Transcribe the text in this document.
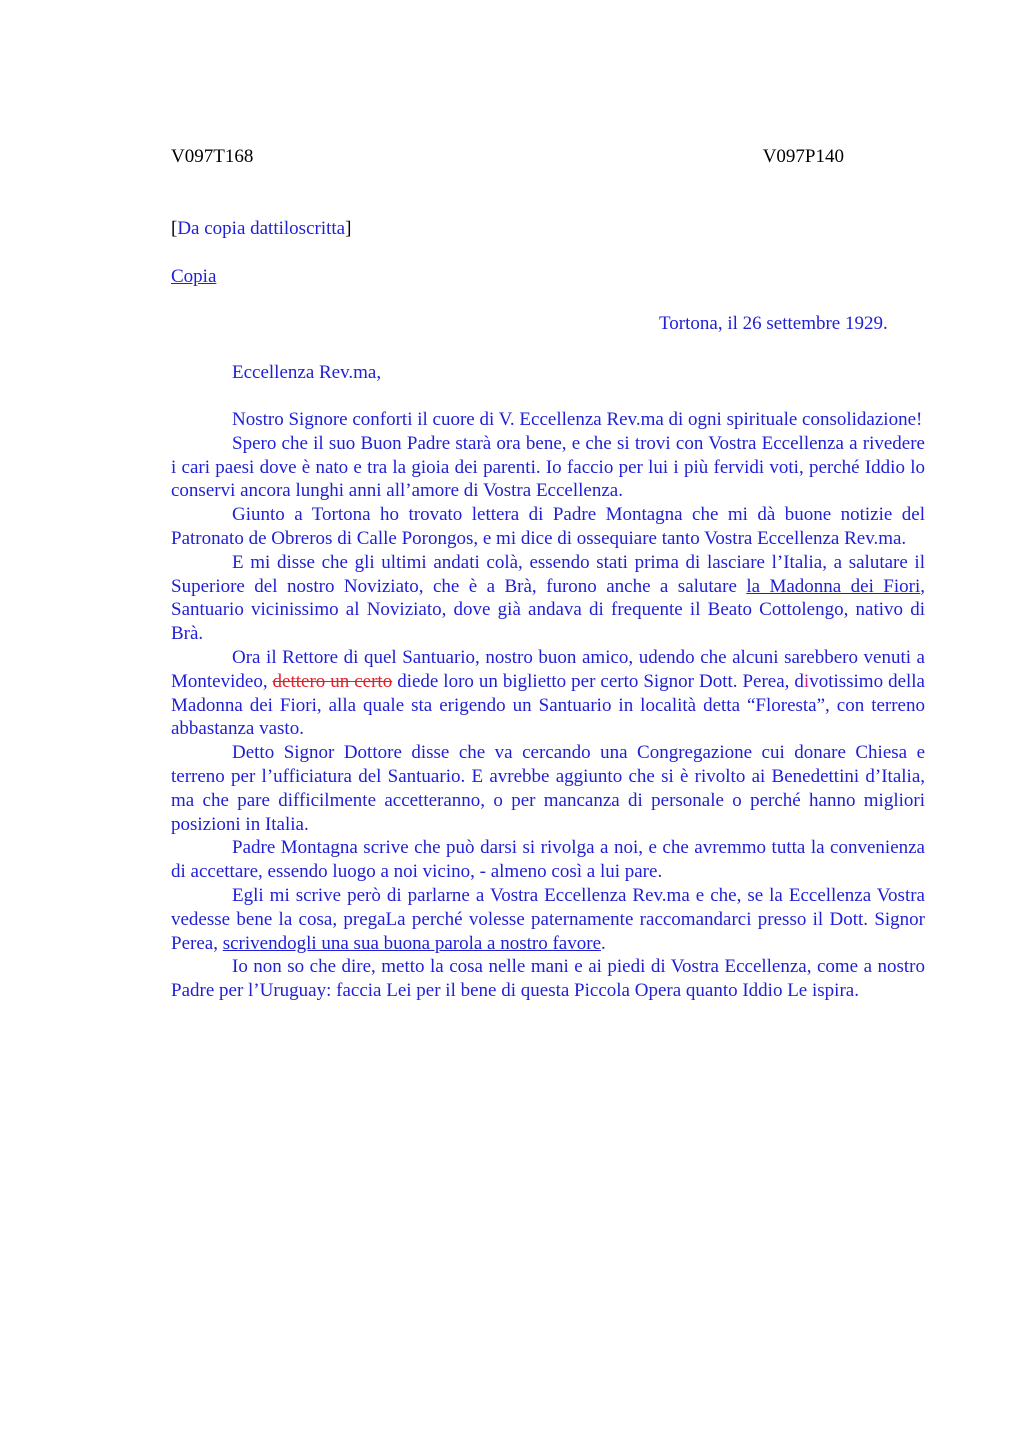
V097T168	V097P140
[Da copia dattiloscritta]
Copia
Tortona, il 26 settembre 1929.
Eccellenza Rev.ma,

Nostro Signore conforti il cuore di V. Eccellenza Rev.ma di ogni spirituale consolidazione!

Spero che il suo Buon Padre starà ora bene, e che si trovi con Vostra Eccellenza a rivedere i cari paesi dove è nato e tra la gioia dei parenti. Io faccio per lui i più fervidi voti, perché Iddio lo conservi ancora lunghi anni all’amore di Vostra Eccellenza.

Giunto a Tortona ho trovato lettera di Padre Montagna che mi dà buone notizie del Patronato de Obreros di Calle Porongos, e mi dice di ossequiare tanto Vostra Eccellenza Rev.ma.

E mi disse che gli ultimi andati colà, essendo stati prima di lasciare l’Italia, a salutare il Superiore del nostro Noviziato, che è a Brà, furono anche a salutare la Madonna dei Fiori, Santuario vicinissimo al Noviziato, dove già andava di frequente il Beato Cottolengo, nativo di Brà.

Ora il Rettore di quel Santuario, nostro buon amico, udendo che alcuni sarebbero venuti a Montevideo, dettero un certo diede loro un biglietto per certo Signor Dott. Perea, divotissimo della Madonna dei Fiori, alla quale sta erigendo un Santuario in località detta “Floresta”, con terreno abbastanza vasto.

Detto Signor Dottore disse che va cercando una Congregazione cui donare Chiesa e terreno per l’ufficiatura del Santuario. E avrebbe aggiunto che si è rivolto ai Benedettini d’Italia, ma che pare difficilmente accetteranno, o per mancanza di personale o perché hanno migliori posizioni in Italia.

Padre Montagna scrive che può darsi si rivolga a noi, e che avremmo tutta la convenienza di accettare, essendo luogo a noi vicino, - almeno così a lui pare.

Egli mi scrive però di parlarne a Vostra Eccellenza Rev.ma e che, se la Eccellenza Vostra vedesse bene la cosa, pregaLa perché volesse paternamente raccomandarci presso il Dott. Signor Perea, scrivendogli una sua buona parola a nostro favore.

Io non so che dire, metto la cosa nelle mani e ai piedi di Vostra Eccellenza, come a nostro Padre per l’Uruguay: faccia Lei per il bene di questa Piccola Opera quanto Iddio Le ispira.
